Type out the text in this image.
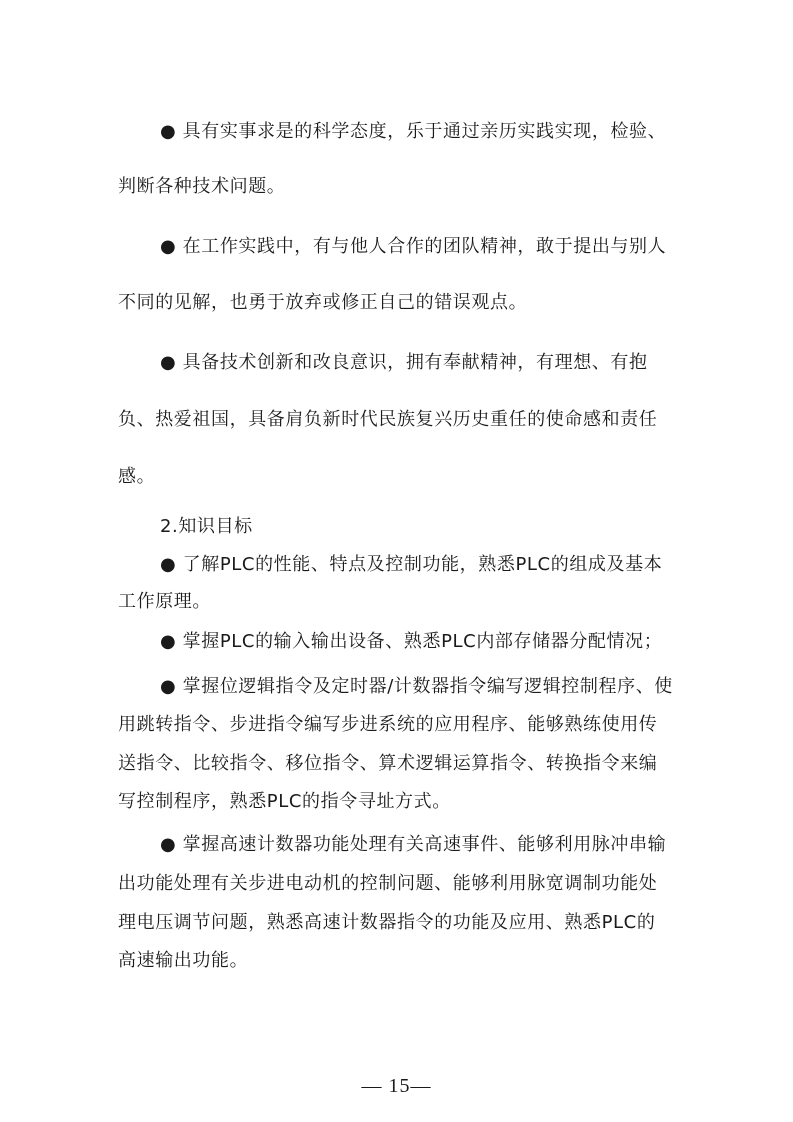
● 具有实事求是的科学态度，乐于通过亲历实践实现，检验、
判断各种技术问题。
● 在工作实践中，有与他人合作的团队精神，敢于提出与别人
不同的见解，也勇于放弃或修正自己的错误观点。
● 具备技术创新和改良意识，拥有奉献精神，有理想、有抱
负、热爱祖国，具备肩负新时代民族复兴历史重任的使命感和责任
感。
2.知识目标
● 了解PLC的性能、特点及控制功能，熟悉PLC的组成及基本
工作原理。
● 掌握PLC的输入输出设备、熟悉PLC内部存储器分配情况；
● 掌握位逻辑指令及定时器/计数器指令编写逻辑控制程序、使
用跳转指令、步进指令编写步进系统的应用程序、能够熟练使用传
送指令、比较指令、移位指令、算术逻辑运算指令、转换指令来编
写控制程序，熟悉PLC的指令寻址方式。
● 掌握高速计数器功能处理有关高速事件、能够利用脉冲串输
出功能处理有关步进电动机的控制问题、能够利用脉宽调制功能处
理电压调节问题，熟悉高速计数器指令的功能及应用、熟悉PLC的
高速输出功能。
— 15—
